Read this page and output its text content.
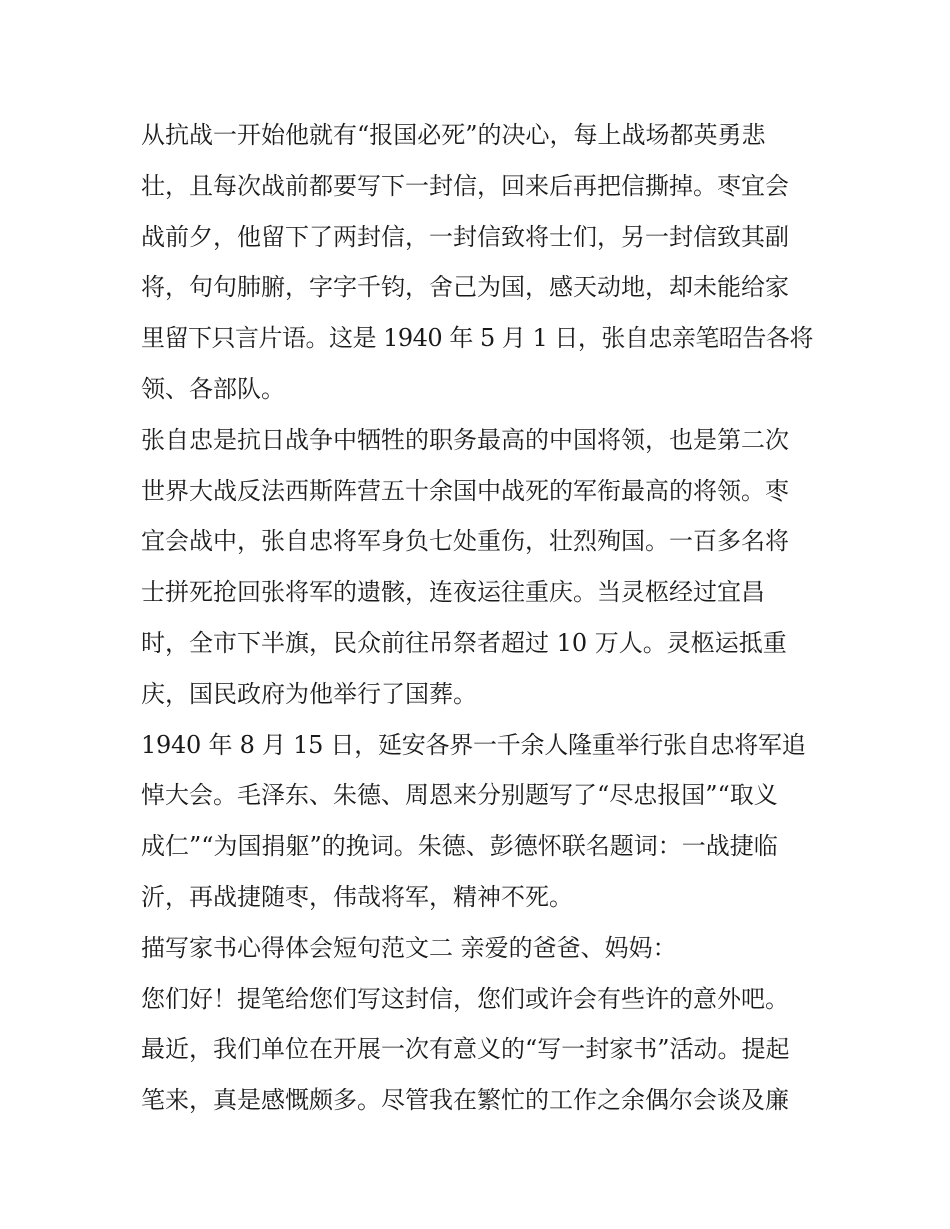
从抗战一开始他就有“报国必死”的决心，每上战场都英勇悲
壮，且每次战前都要写下一封信，回来后再把信撕掉。枣宜会
战前夕，他留下了两封信，一封信致将士们，另一封信致其副
将，句句肺腑，字字千钧，舍己为国，感天动地，却未能给家
里留下只言片语。这是 1940 年 5 月 1 日，张自忠亲笔昭告各将
领、各部队。

张自忠是抗日战争中牺牲的职务最高的中国将领，也是第二次
世界大战反法西斯阵营五十余国中战死的军衔最高的将领。枣
宜会战中，张自忠将军身负七处重伤，壮烈殉国。一百多名将
士拼死抢回张将军的遗骸，连夜运往重庆。当灵柩经过宜昌
时，全市下半旗，民众前往吊祭者超过 10 万人。灵柩运抵重
庆，国民政府为他举行了国葬。

1940 年 8 月 15 日，延安各界一千余人隆重举行张自忠将军追
悼大会。毛泽东、朱德、周恩来分别题写了“尽忠报国”“取义
成仁”“为国捐躯”的挽词。朱德、彭德怀联名题词：一战捷临
沂，再战捷随枣，伟哉将军，精神不死。

描写家书心得体会短句范文二 亲爱的爸爸、妈妈：

您们好！提笔给您们写这封信，您们或许会有些许的意外吧。
最近，我们单位在开展一次有意义的“写一封家书”活动。提起
笔来，真是感慨颇多。尽管我在繁忙的工作之余偶尔会谈及廉
